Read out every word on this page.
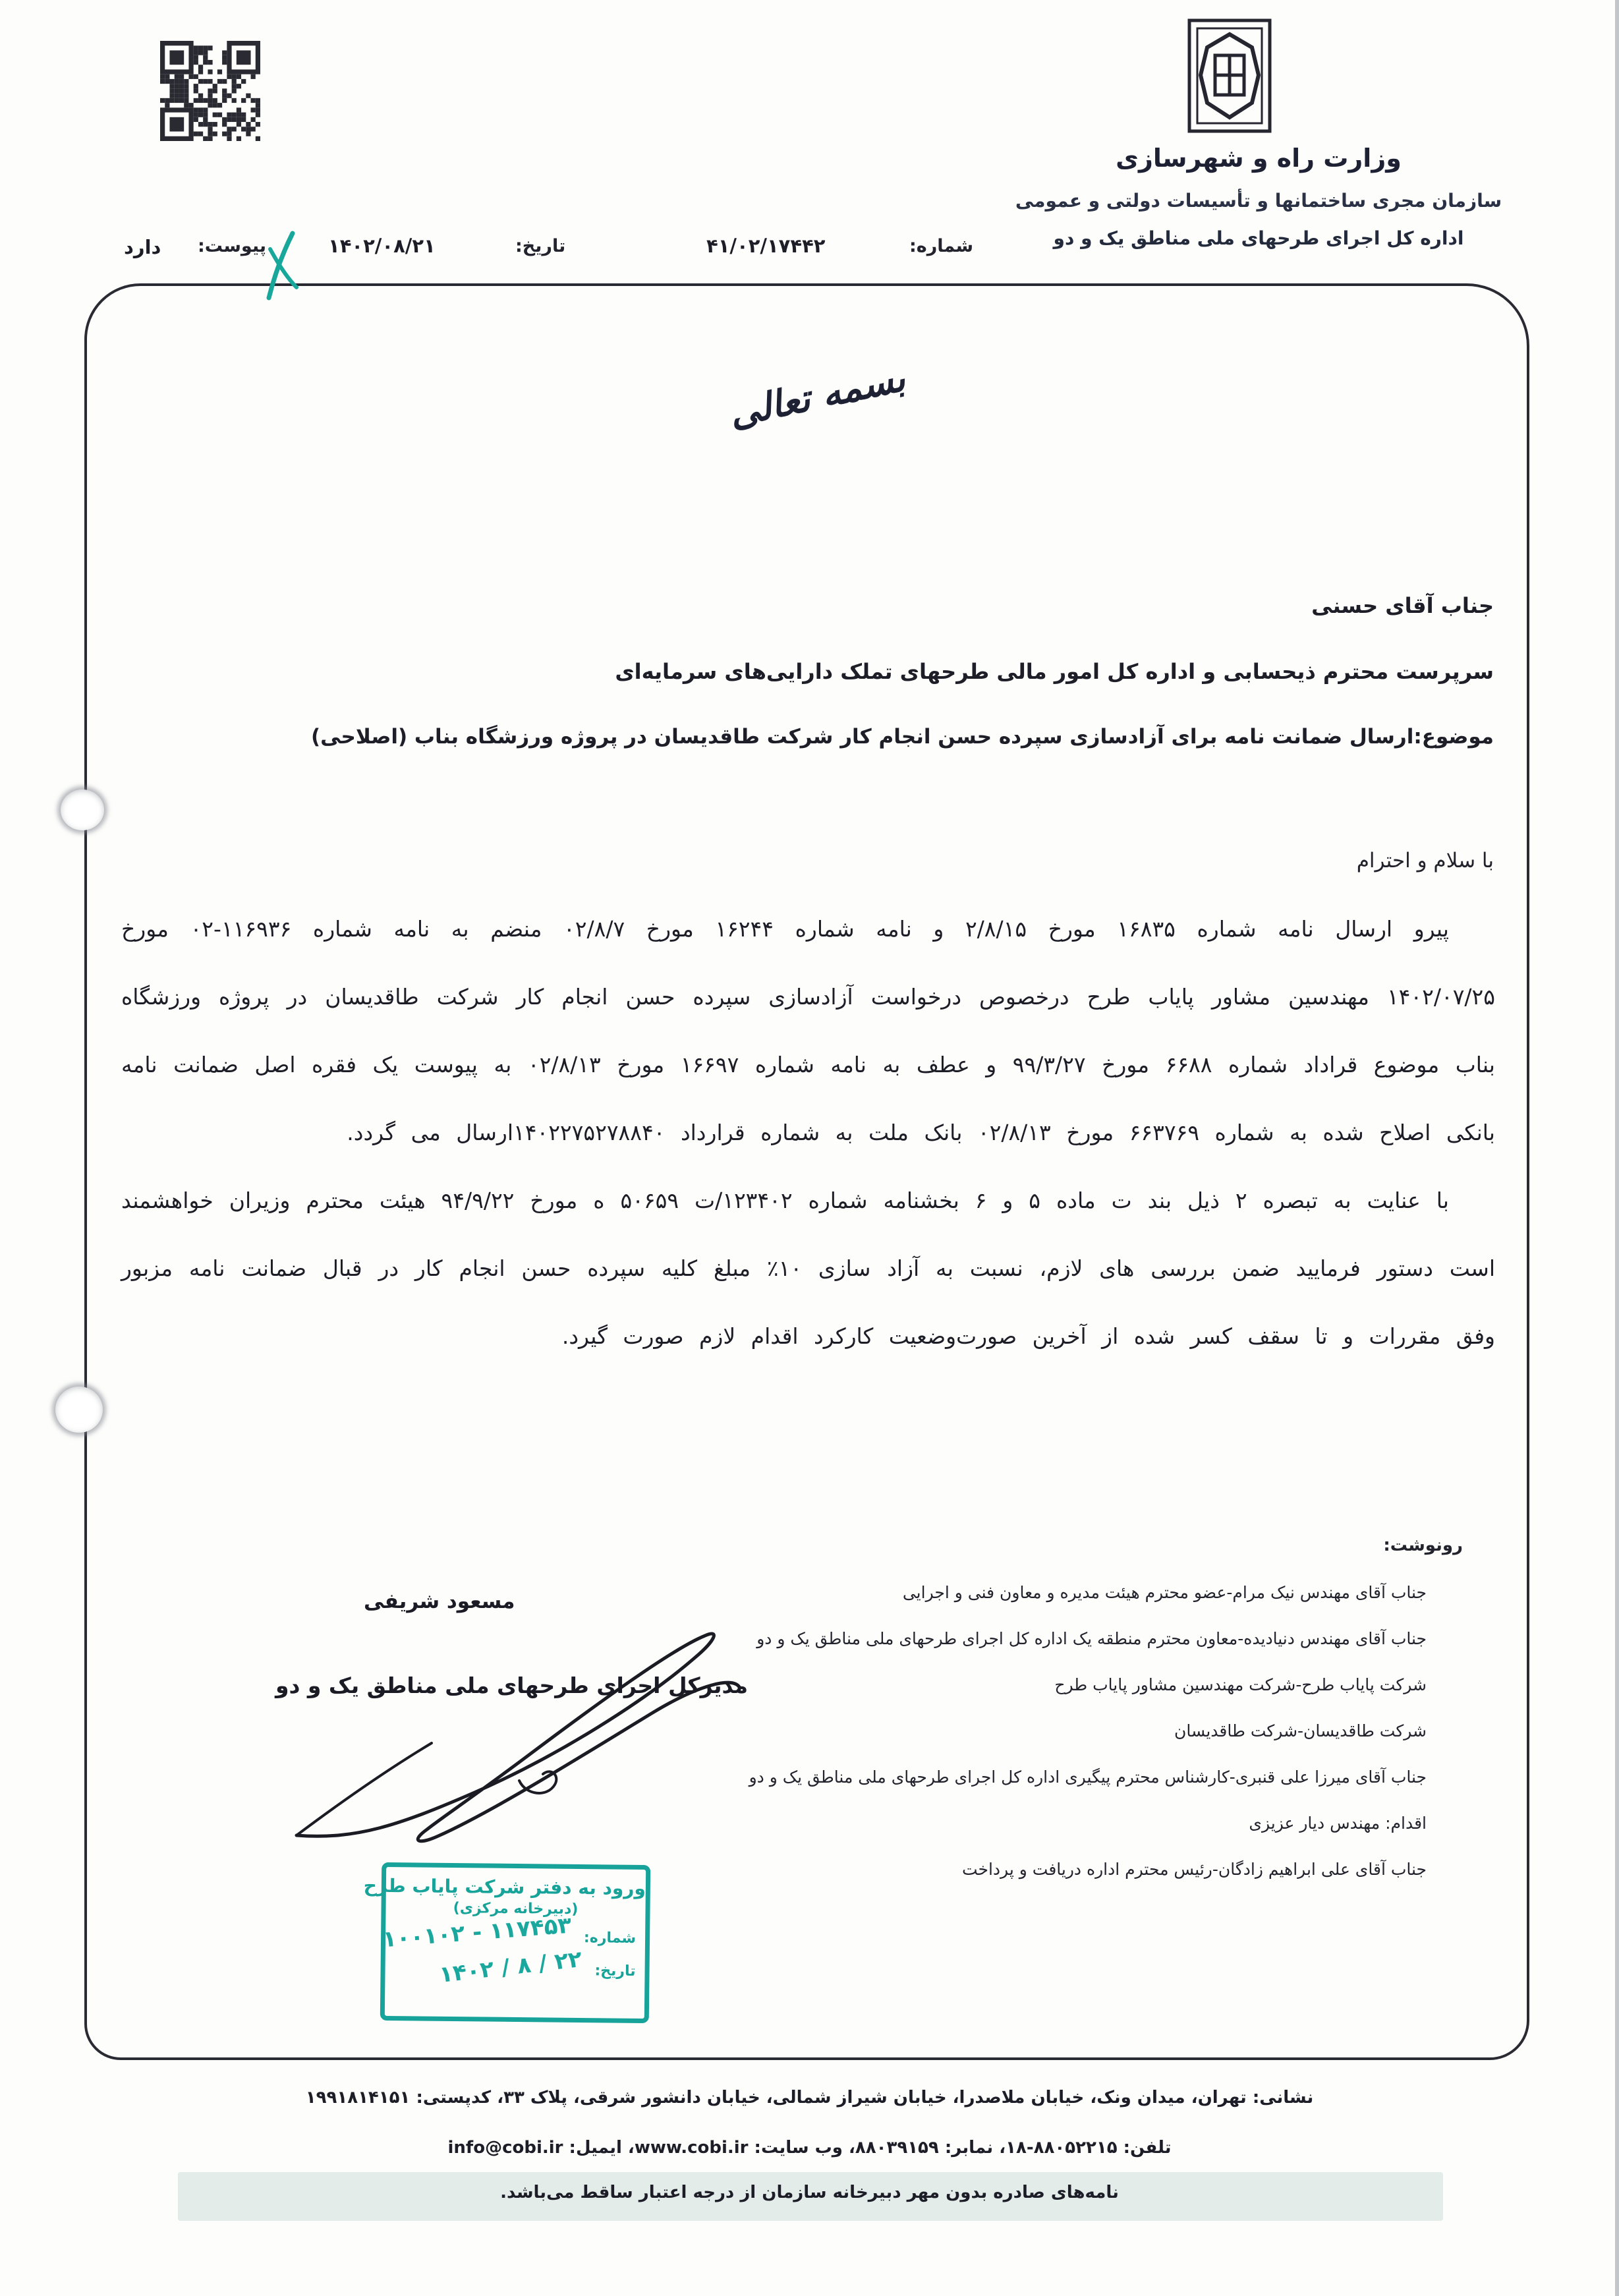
وزارت راه و شهرسازی
سازمان مجری ساختمانها و تأسیسات دولتی و عمومی
اداره کل اجرای طرحهای ملی مناطق یک و دو
شماره:
۴۱/۰۲/۱۷۴۴۲
تاریخ:
۱۴۰۲/۰۸/۲۱
پیوست:
دارد
بسمه تعالی
جناب آقای حسنی
سرپرست محترم ذیحسابی و اداره کل امور مالی طرحهای تملک دارایی‌های سرمایه‌ای
موضوع:ارسال ضمانت نامه برای آزادسازی سپرده حسن انجام کار شرکت طاقدیسان در پروژه ورزشگاه بناب (اصلاحی)
با سلام و احترام

پیرو ارسال نامه شماره ۱۶۸۳۵ مورخ ۲/۸/۱۵ و نامه شماره ۱۶۲۴۴ مورخ ۰۲/۸/۷ منضم به نامه شماره ۱۱۶۹۳۶-۰۲ مورخ ۱۴۰۲/۰۷/۲۵ مهندسین مشاور پایاب طرح درخصوص درخواست آزادسازی سپرده حسن انجام کار شرکت طاقدیسان در پروژه ورزشگاه بناب موضوع قراداد شماره ۶۶۸۸ مورخ ۹۹/۳/۲۷ و عطف به نامه شماره ۱۶۶۹۷ مورخ ۰۲/۸/۱۳ به پیوست یک فقره اصل ضمانت نامه بانکی اصلاح شده به شماره ۶۶۳۷۶۹ مورخ ۰۲/۸/۱۳ بانک ملت به شماره قرارداد ۱۴۰۲۲۷۵۲۷۸۸۴۰ارسال می گردد.

با عنایت به تبصره ۲ ذیل بند ت ماده ۵ و ۶ بخشنامه شماره ۱۲۳۴۰۲/ت ۵۰۶۵۹ ه مورخ ۹۴/۹/۲۲ هیئت محترم وزیران خواهشمند است دستور فرمایید ضمن بررسی های لازم، نسبت به آزاد سازی ۱۰٪ مبلغ کلیه سپرده حسن انجام کار در قبال ضمانت نامه مزبور وفق مقررات و تا سقف کسر شده از آخرین صورت‌وضعیت کارکرد اقدام لازم صورت گیرد.

رونوشت:
جناب آقای مهندس نیک مرام-عضو محترم هیئت مدیره و معاون فنی و اجرایی
جناب آقای مهندس دنیادیده-معاون محترم منطقه یک اداره کل اجرای طرحهای ملی مناطق یک و دو
شرکت پایاب طرح-شرکت مهندسین مشاور پایاب طرح
شرکت طاقدیسان-شرکت طاقدیسان
جناب آقای میرزا علی قنبری-کارشناس محترم پیگیری اداره کل اجرای طرحهای ملی مناطق یک و دو
اقدام: مهندس دیار عزیزی
جناب آقای علی ابراهیم زادگان-رئیس محترم اداره دریافت و پرداخت
مسعود شریفی
مدیرکل اجرای طرحهای ملی مناطق یک و دو
ورود به دفتر شرکت پایاب طرح
(دبیرخانه مرکزی)
شماره:
۱۱۷۴۵۳ - ۱۰۰۱۰۲
تاریخ:
۲۲ / ۸ / ۱۴۰۲
نشانی: تهران، میدان ونک، خیابان ملاصدرا، خیابان شیراز شمالی، خیابان دانشور شرقی، پلاک ۳۳، کدپستی: ۱۹۹۱۸۱۴۱۵۱
تلفن: ۸۸۰۵۲۲۱۵-۱۸، نمابر: ۸۸۰۳۹۱۵۹، وب سایت: www.cobi.ir، ایمیل: info@cobi.ir
نامه‌های صادره بدون مهر دبیرخانه سازمان از درجه اعتبار ساقط می‌باشد.
